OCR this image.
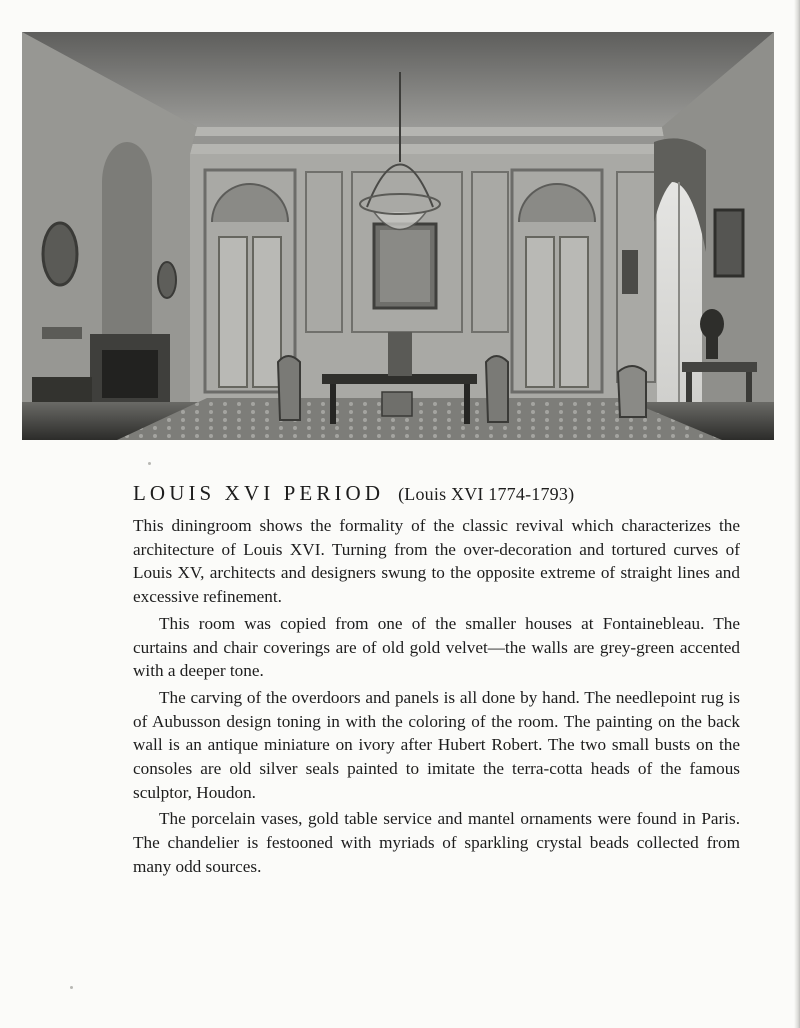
LOUIS XVI PERIOD (Louis XVI 1774-1793)

This diningroom shows the formality of the classic revival which characterizes the architecture of Louis XVI. Turning from the over-decoration and tortured curves of Louis XV, architects and designers swung to the opposite extreme of straight lines and excessive refinement.

This room was copied from one of the smaller houses at Fontainebleau. The curtains and chair coverings are of old gold velvet—the walls are grey-green accented with a deeper tone.

The carving of the overdoors and panels is all done by hand. The needlepoint rug is of Aubusson design toning in with the coloring of the room. The painting on the back wall is an antique miniature on ivory after Hubert Robert. The two small busts on the consoles are old silver seals painted to imitate the terra-cotta heads of the famous sculptor, Houdon.

The porcelain vases, gold table service and mantel ornaments were found in Paris. The chandelier is festooned with myriads of sparkling crystal beads collected from many odd sources.
